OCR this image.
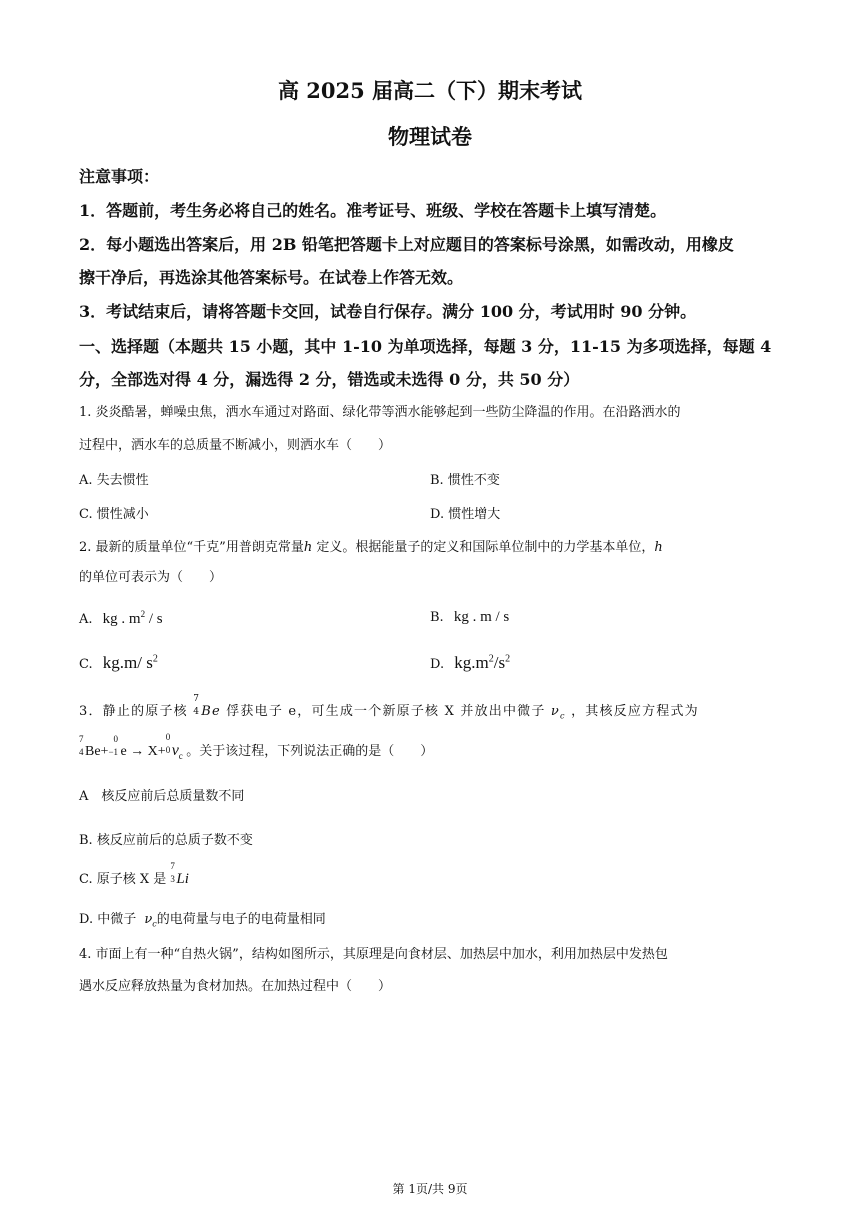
高 2025 届高二（下）期末考试
物理试卷
注意事项：
1．答题前，考生务必将自己的姓名。准考证号、班级、学校在答题卡上填写清楚。
2．每小题选出答案后，用 2B 铅笔把答题卡上对应题目的答案标号涂黑，如需改动，用橡皮
擦干净后，再选涂其他答案标号。在试卷上作答无效。
3．考试结束后，请将答题卡交回，试卷自行保存。满分 100 分，考试用时 90 分钟。
一、选择题（本题共 15 小题，其中 1-10 为单项选择，每题 3 分，11-15 为多项选择，每题 4
分，全部选对得 4 分，漏选得 2 分，错选或未选得 0 分，共 50 分）
1. 炎炎酷暑，蝉噪虫焦，洒水车通过对路面、绿化带等洒水能够起到一些防尘降温的作用。在沿路洒水的
过程中，洒水车的总质量不断减小，则洒水车（　　）
A. 失去惯性	B. 惯性不变
C. 惯性减小	D. 惯性增大
2. 最新的质量单位“千克”用普朗克常量h 定义。根据能量子的定义和国际单位制中的力学基本单位，h
的单位可表示为（　　）
A. kg . $m^2$ / s	B. kg . m / s
C. kg.m/ $s^2$	D. $kg.m^2/s^2$
3．静止的原子核
7
4 Be 俘获电子 e，可生成一个新原子核 X 并放出中微子 $\nu_c$ ，其核反应方程式为
7
4 Be+
0
−1 e → X+
0
0 $\nu_c$ 。关于该过程，下列说法正确的是（　　）
A　核反应前后总质量数不同
B. 核反应前后的总质子数不变
C. 原子核 X 是
7
3 Li
D. 中微子 $\nu_c$的电荷量与电子的电荷量相同
4. 市面上有一种“自热火锅”，结构如图所示，其原理是向食材层、加热层中加水，利用加热层中发热包
遇水反应释放热量为食材加热。在加热过程中（　　）
第 1页/共 9页
